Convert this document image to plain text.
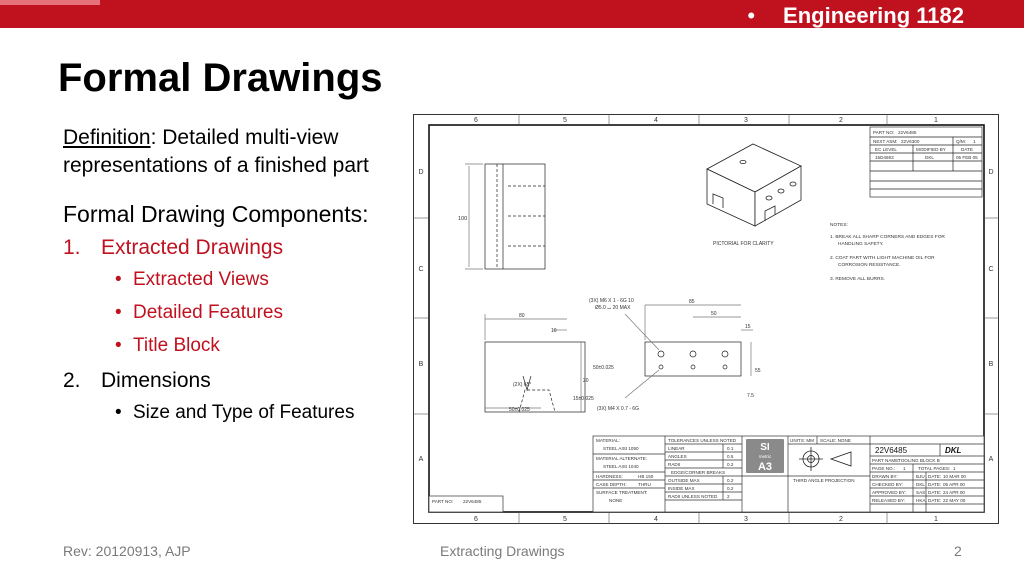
• Engineering 1182
Formal Drawings

Definition: Detailed multi-view representations of a finished part

Formal Drawing Components:

1. Extracted Drawings
• Extracted Views
• Detailed Features
• Title Block
2. Dimensions
• Size and Type of Features
6	5	4	3	2	1
6	5	4	3	2	1
D
C
B
A
D
C
B
A
100
PICTORIAL FOR CLARITY
PART NO: 22V6485
NEXT ASM: 22V6300	Q/M: 1
EC LEVEL	MODIFIED BY	DATE
15D4693	DKL	05 FEB 05
NOTES:
1. BREAK ALL SHARP CORNERS AND EDGES FOR
HANDLING SAFETY.
2. COAT PART WITH LIGHT MACHINE OIL FOR
CORROSION RESISTANCE.
3. REMOVE ALL BURRS.
80
10
50±0.025
20
15±0.025
(2X) 65°
50±0.025
85
50
15
55
7.5
(3X) M6 X 1 - 6G 10
Ø5.0 ⌴ 20 MAX
(3X) M4 X 0.7 - 6G
MATERIAL:
STEEL AISI 1050
MATERIAL ALTERNATE:
STEEL AISI 1040
HARDNESS:	HB 150
CASE DEPTH: THRU
SURFACE TREATMENT:
NONE
TOLERANCES UNLESS NOTED
LINEAR	0.1
ANGLES	0.5
RADII	0.2
EDGE/CORNER BREAKS
OUTSIDE MAX	0.2
INSIDE MAX	0.2
RADII UNLESS NOTED 2
UNITS: MM SCALE: NONE
THIRD ANGLE PROJECTION
PART NAME:
TOOLING BLOCK B
PAGE NO.: 1	TOTAL PAGES: 1
DRAWN BY:	BJU DATE: 10 MAR 00
CHECKED BY:	DKL DATE: 05 APR 00
APPROVED BY: SAS DATE: 24 APR 00
RELEASED BY: HKA DATE: 22 MAY 00
PART NO: 22V6485
SI
metric
A3
22V6485	DKL
Rev: 20120913, AJP	Extracting Drawings	2
